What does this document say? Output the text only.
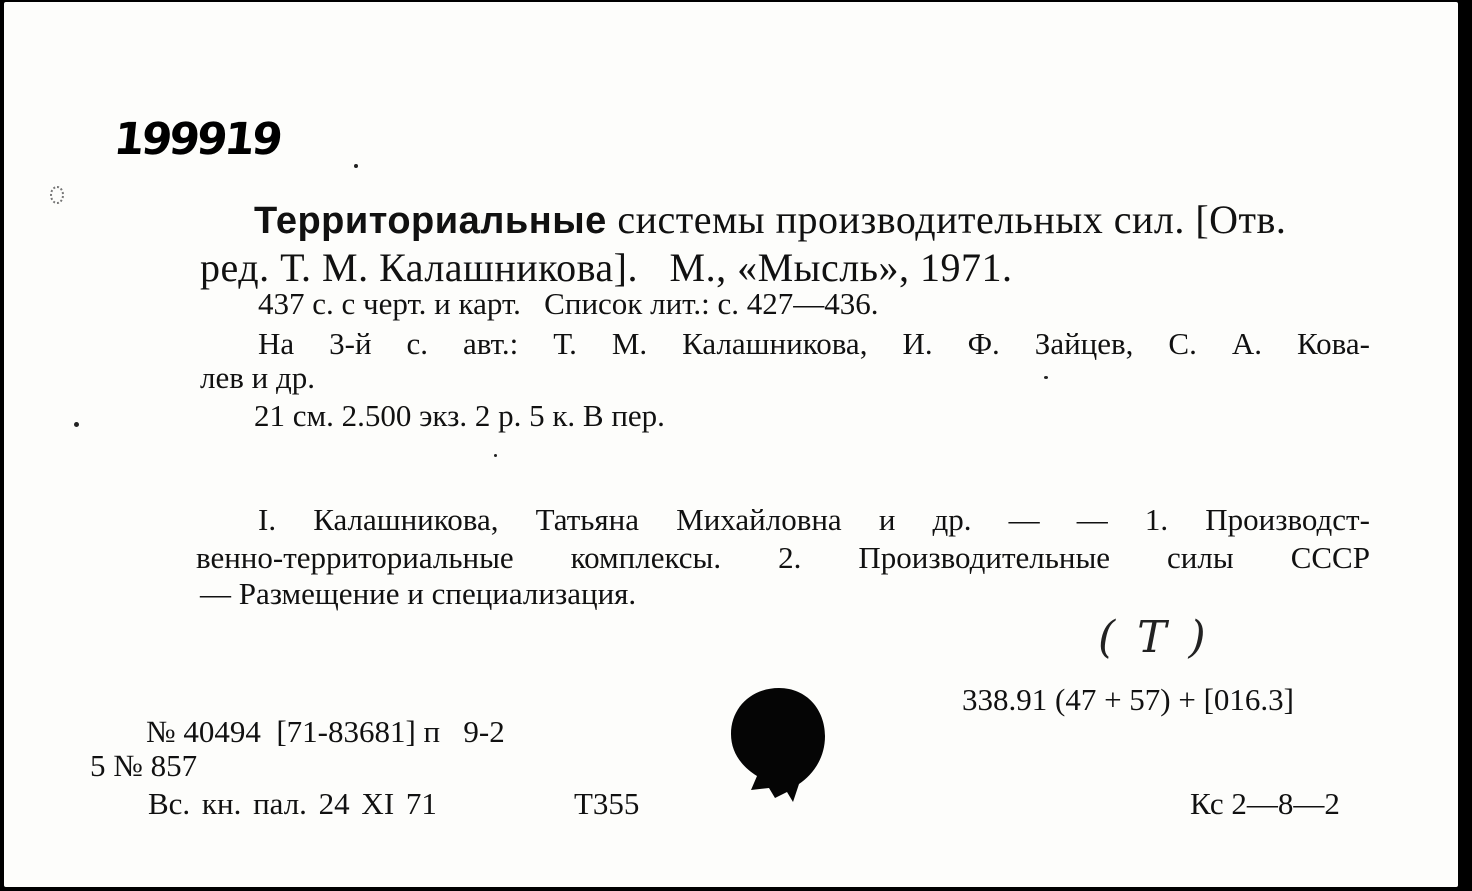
199919
Территориальные системы производительных сил. [Отв.
ред. Т. М. Калашникова].   М., «Мысль», 1971.
437 с. с черт. и карт.   Список лит.: с. 427—436.
На 3-й с. авт.: Т. М. Калашникова, И. Ф. Зайцев, С. А. Кова-
лев и др.
21 см. 2.500 экз. 2 р. 5 к. В пер.
I. Калашникова, Татьяна Михайловна и др. — — 1. Производст-
венно-территориальные комплексы. 2. Производительные силы СССР
— Размещение и специализация.
( T )
338.91 (47 + 57) + [016.3]
№ 40494  [71-83681] п   9-2
5 № 857
Вс. кн. пал. 24 XI 71	Т355	Кс 2—8—2
